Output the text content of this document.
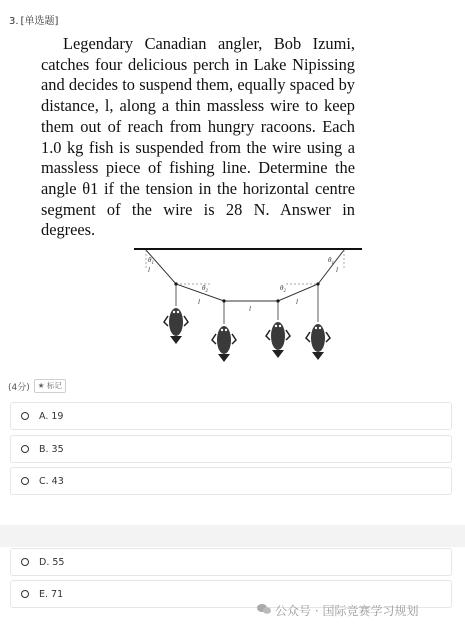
3. [单选题]

Legendary Canadian angler, Bob Izumi, catches four delicious perch in Lake Nipissing and decides to suspend them, equally spaced by distance, l, along a thin massless wire to keep them out of reach from hungry racoons. Each 1.0 kg fish is suspended from the wire using a massless piece of fishing line. Determine the angle θ1 if the tension in the horizontal centre segment of the wire is 28 N. Answer in degrees.

$\theta_1$	$\theta_1$
$\theta_2$	$\theta_2$
l
l
l
l
l
(4分)	★ 标记
A. 19
B. 35
C. 43
D. 55
E. 71
公众号 · 国际竞赛学习规划
